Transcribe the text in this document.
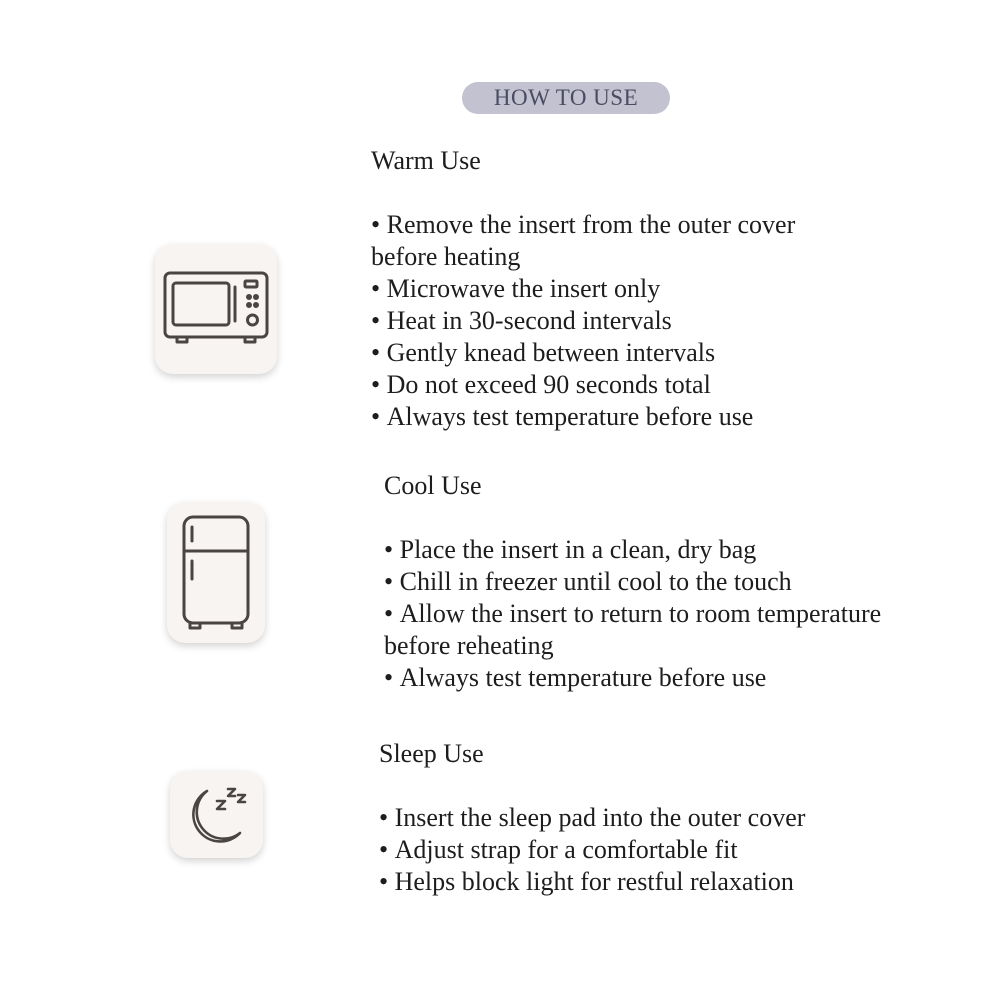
HOW TO USE
Warm Use
• Remove the insert from the outer cover
before heating
• Microwave the insert only
• Heat in 30-second intervals
• Gently knead between intervals
• Do not exceed 90 seconds total
• Always test temperature before use
Cool Use
• Place the insert in a clean, dry bag
• Chill in freezer until cool to the touch
• Allow the insert to return to room temperature
before reheating
• Always test temperature before use
Sleep Use
• Insert the sleep pad into the outer cover
• Adjust strap for a comfortable fit
• Helps block light for restful relaxation
